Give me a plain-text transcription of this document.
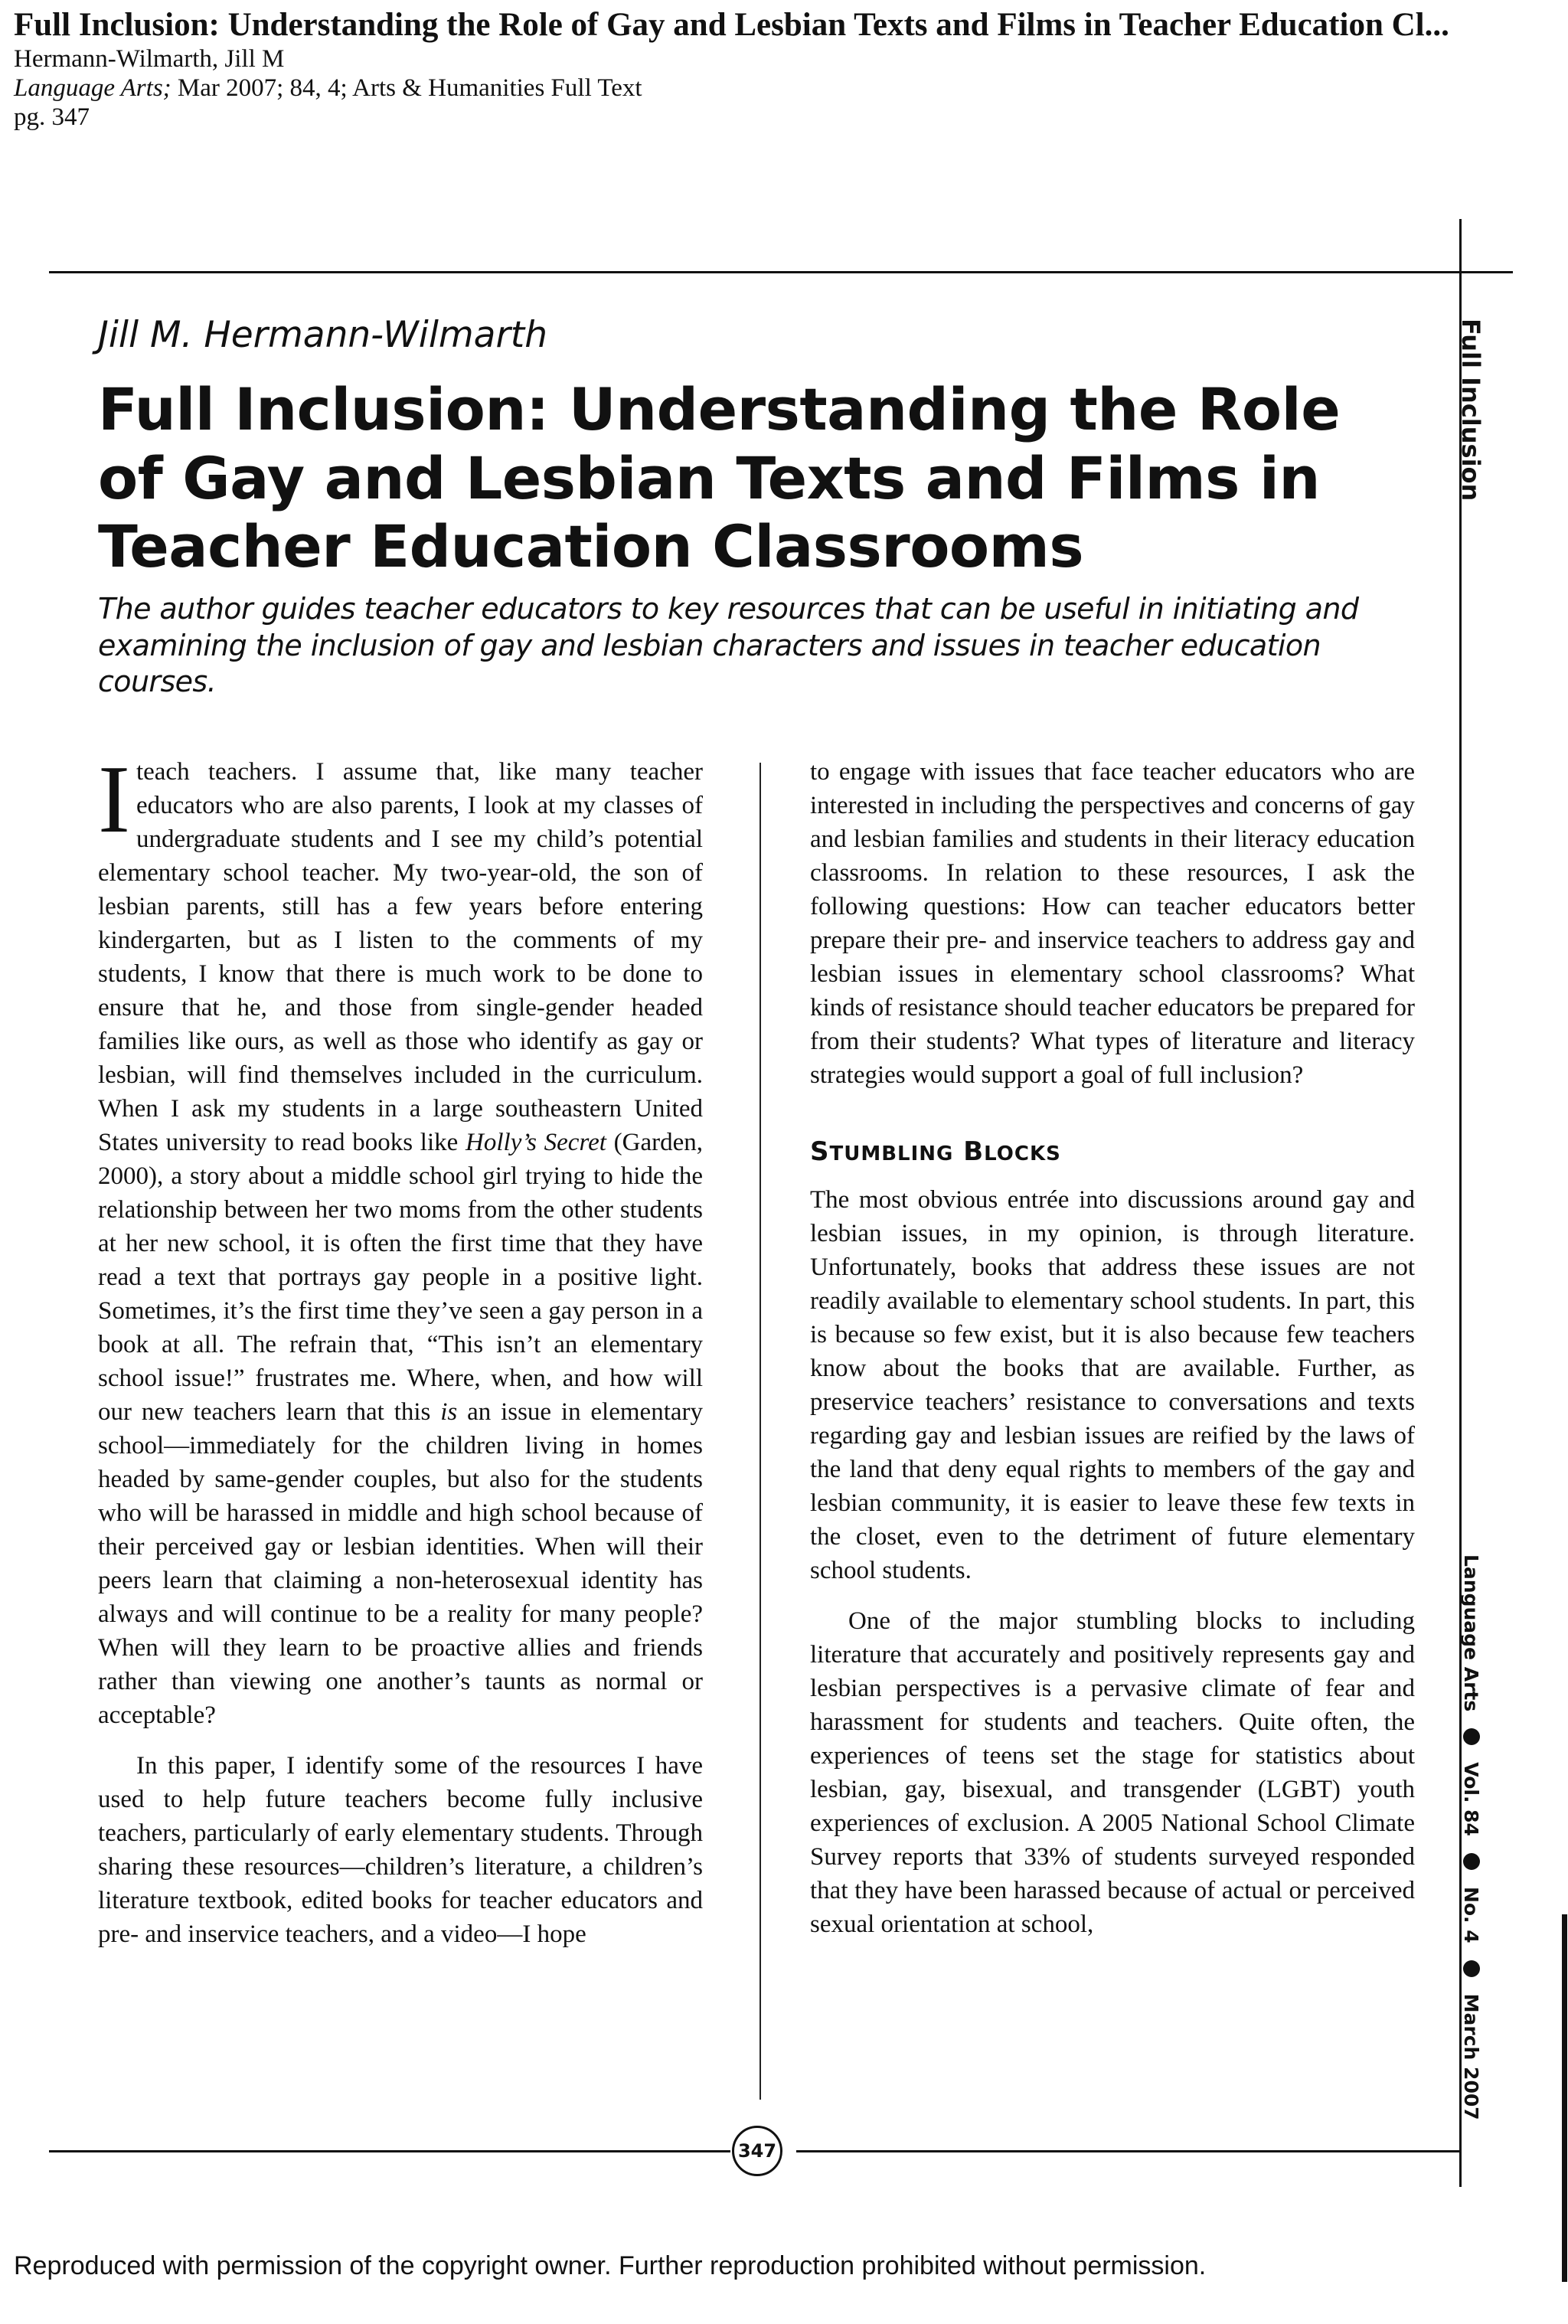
Full Inclusion: Understanding the Role of Gay and Lesbian Texts and Films in Teacher Education Cl...
Hermann-Wilmarth, Jill M
Language Arts; Mar 2007; 84, 4; Arts & Humanities Full Text
pg. 347
Jill M. Hermann-Wilmarth
Full Inclusion: Understanding the Role of Gay and Lesbian Texts and Films in Teacher Education Classrooms
The author guides teacher educators to key resources that can be useful in initiating and examining the inclusion of gay and lesbian characters and issues in teacher education courses.

I teach teachers. I assume that, like many teacher educators who are also parents, I look at my classes of undergraduate students and I see my child’s potential elementary school teacher. My two-year-old, the son of lesbian parents, still has a few years before entering kindergarten, but as I listen to the comments of my students, I know that there is much work to be done to ensure that he, and those from single-gender headed families like ours, as well as those who identify as gay or lesbian, will find themselves included in the curriculum. When I ask my students in a large southeastern United States university to read books like Holly’s Secret (Garden, 2000), a story about a middle school girl trying to hide the relationship between her two moms from the other students at her new school, it is often the first time that they have read a text that portrays gay people in a positive light. Sometimes, it’s the first time they’ve seen a gay person in a book at all. The refrain that, “This isn’t an elementary school issue!” frustrates me. Where, when, and how will our new teachers learn that this is an issue in elementary school—immediately for the children living in homes headed by same-gender couples, but also for the students who will be harassed in middle and high school because of their perceived gay or lesbian identities. When will their peers learn that claiming a non-heterosexual identity has always and will continue to be a reality for many people? When will they learn to be proactive allies and friends rather than viewing one another’s taunts as normal or acceptable?

In this paper, I identify some of the resources I have used to help future teachers become fully inclusive teachers, particularly of early elementary students. Through sharing these resources—children’s literature, a children’s literature textbook, edited books for teacher educators and pre- and inservice teachers, and a video—I hope

to engage with issues that face teacher educators who are interested in including the perspectives and concerns of gay and lesbian families and students in their literacy education classrooms. In relation to these resources, I ask the following questions: How can teacher educators better prepare their pre- and inservice teachers to address gay and lesbian issues in elementary school classrooms? What kinds of resistance should teacher educators be prepared for from their students? What types of literature and literacy strategies would support a goal of full inclusion?

STUMBLING BLOCKS

The most obvious entrée into discussions around gay and lesbian issues, in my opinion, is through literature. Unfortunately, books that address these issues are not readily available to elementary school students. In part, this is because so few exist, but it is also because few teachers know about the books that are available. Further, as preservice teachers’ resistance to conversations and texts regarding gay and lesbian issues are reified by the laws of the land that deny equal rights to members of the gay and lesbian community, it is easier to leave these few texts in the closet, even to the detriment of future elementary school students.

One of the major stumbling blocks to including literature that accurately and positively represents gay and lesbian perspectives is a pervasive climate of fear and harassment for students and teachers. Quite often, the experiences of teens set the stage for statistics about lesbian, gay, bisexual, and transgender (LGBT) youth experiences of exclusion. A 2005 National School Climate Survey reports that 33% of students surveyed responded that they have been harassed because of actual or perceived sexual orientation at school,

347
Full Inclusion
Language ArtsVol. 84No. 4March 2007
Reproduced with permission of the copyright owner. Further reproduction prohibited without permission.
